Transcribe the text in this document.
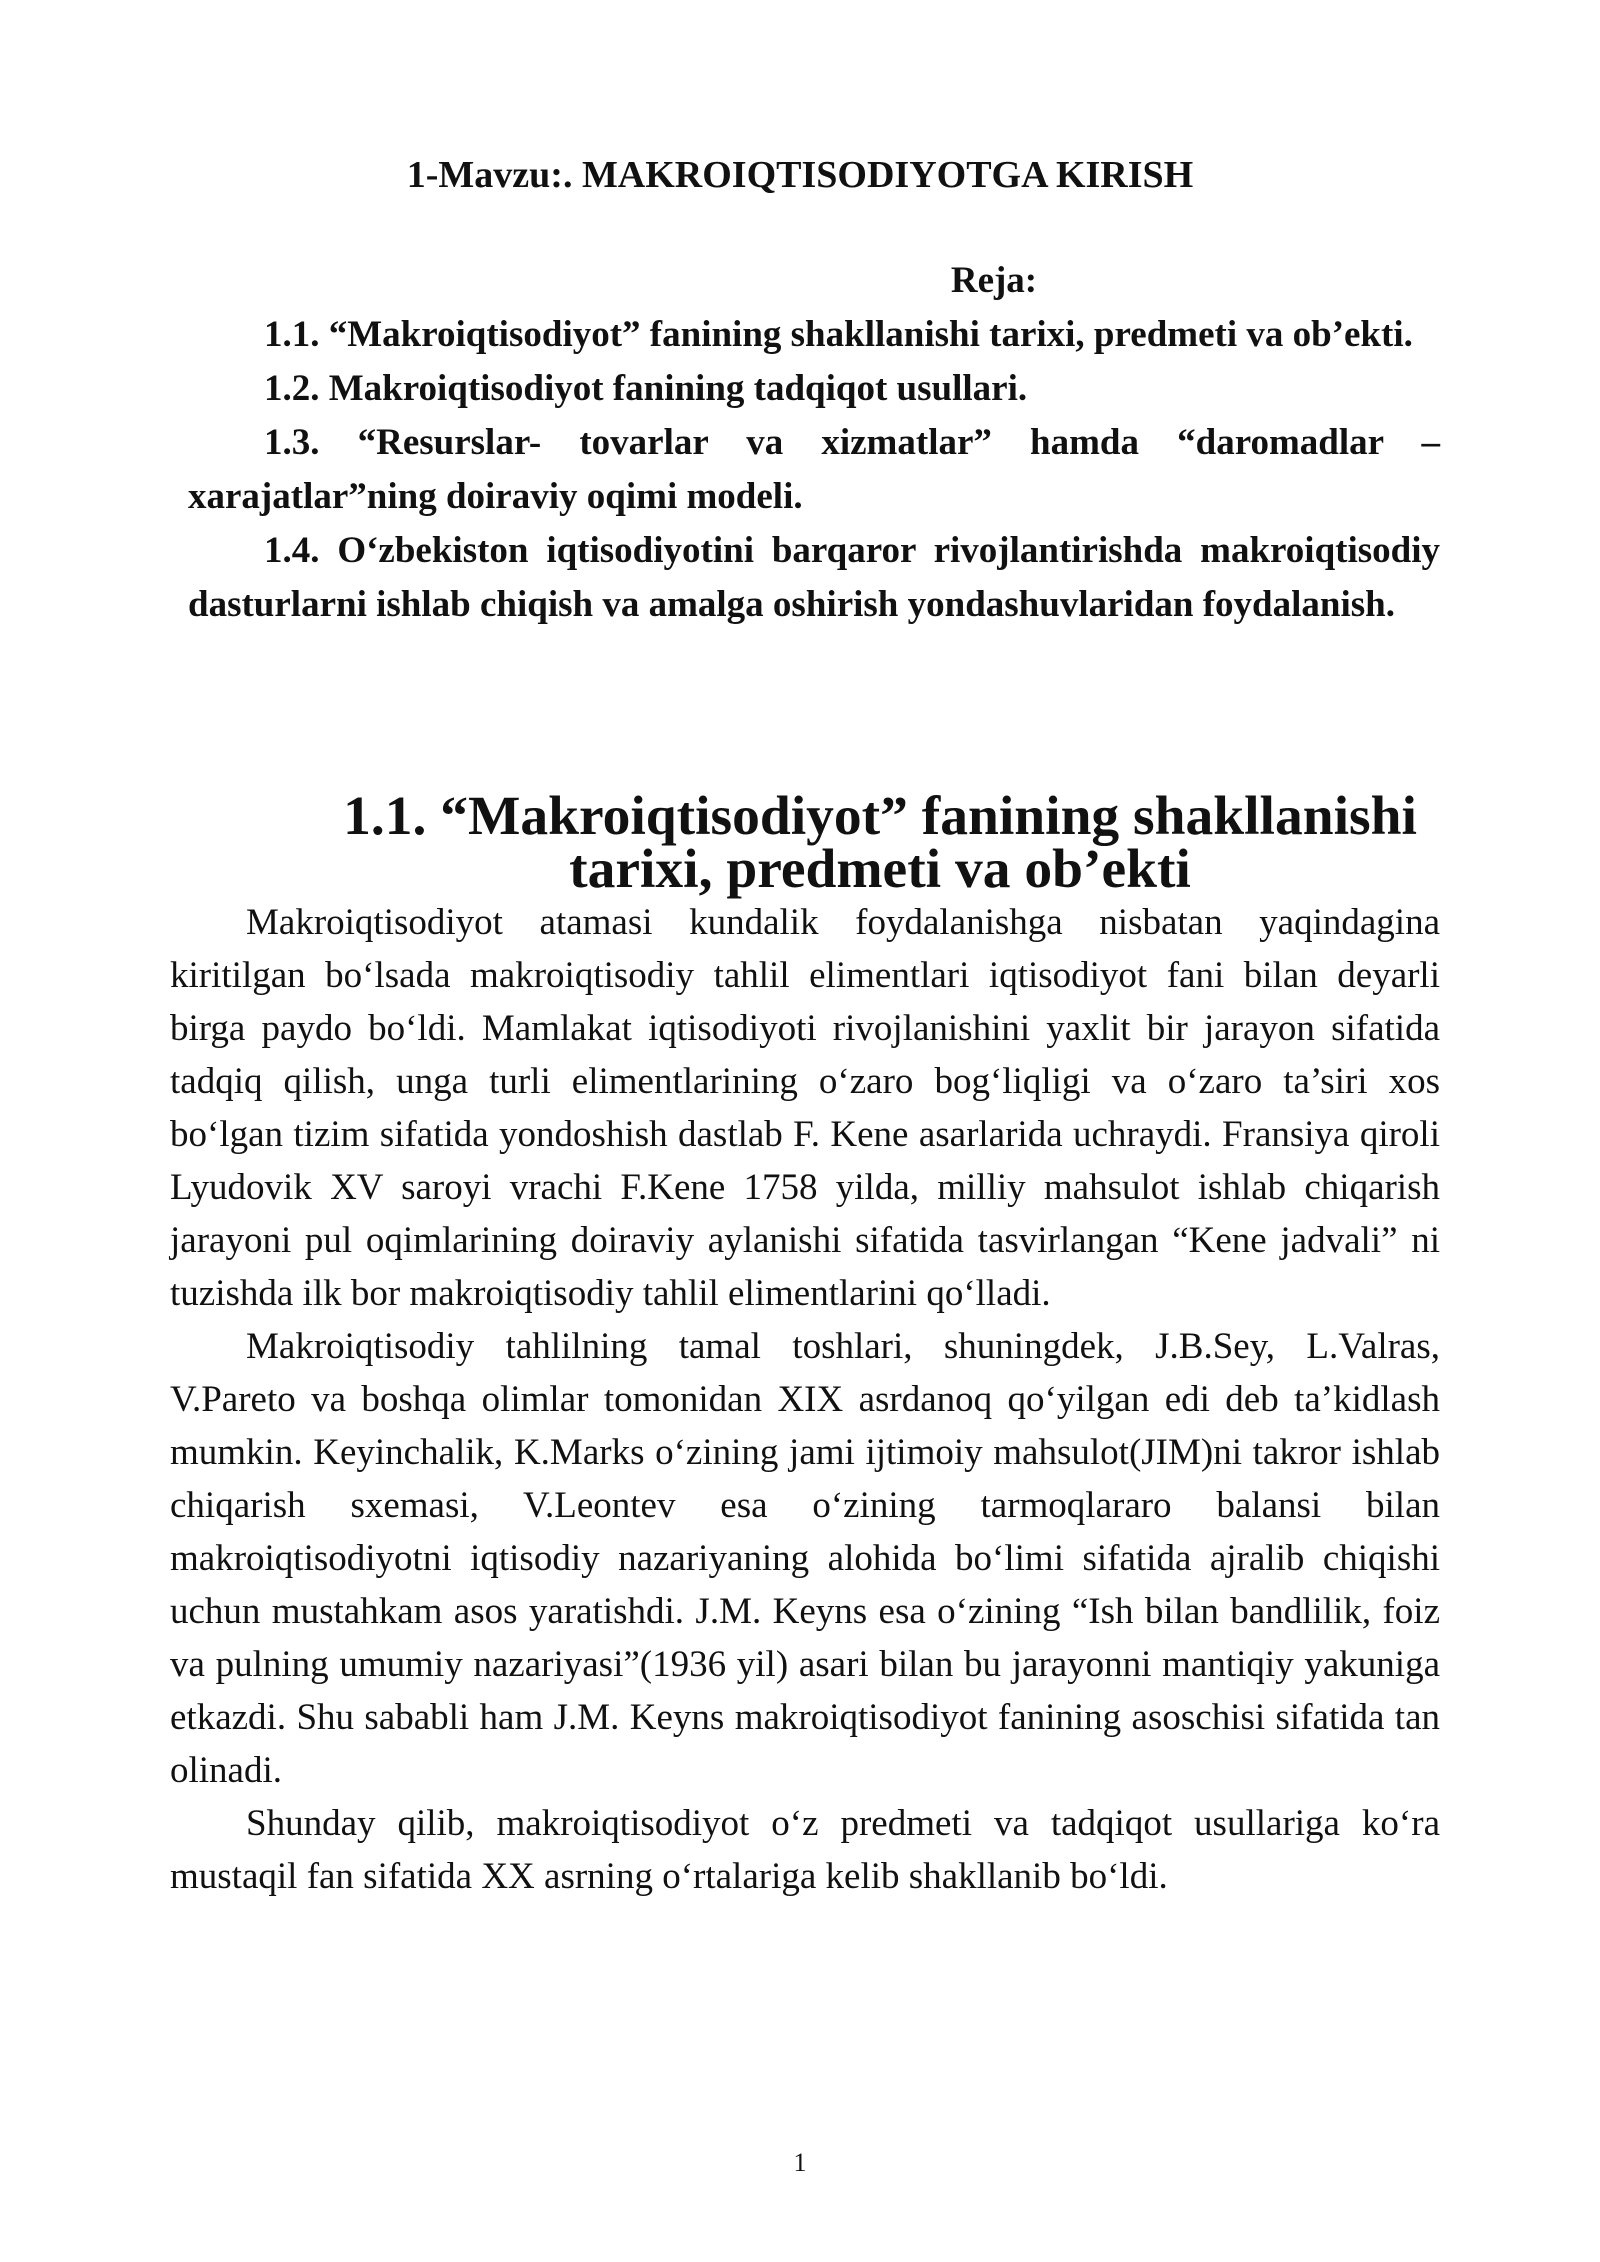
1-Mavzu:. MAKROIQTISODIYOTGA KIRISH

Reja:

1.1. “Makroiqtisodiyot” fanining shakllanishi tarixi, predmeti va ob’ekti.

1.2. Makroiqtisodiyot fanining tadqiqot usullari.

1.3. “Resurslar- tovarlar va xizmatlar” hamda “daromadlar – xarajatlar”ning doiraviy oqimi modeli.

1.4. O‘zbekiston iqtisodiyotini barqaror rivojlantirishda makroiqtisodiy dasturlarni ishlab chiqish va amalga oshirish yondashuvlaridan foydalanish.

1.1. “Makroiqtisodiyot” fanining shakllanishi tarixi, predmeti va ob’ekti

Makroiqtisodiyot atamasi kundalik foydalanishga nisbatan yaqindagina kiritilgan bo‘lsada makroiqtisodiy tahlil elimentlari iqtisodiyot fani bilan deyarli birga paydo bo‘ldi. Mamlakat iqtisodiyoti rivojlanishini yaxlit bir jarayon sifatida tadqiq qilish, unga turli elimentlarining o‘zaro bog‘liqligi va o‘zaro ta’siri xos bo‘lgan tizim sifatida yondoshish dastlab F. Kene asarlarida uchraydi. Fransiya qiroli Lyudovik XV saroyi vrachi F.Kene 1758 yilda, milliy mahsulot ishlab chiqarish jarayoni pul oqimlarining doiraviy aylanishi sifatida tasvirlangan “Kene jadvali” ni tuzishda ilk bor makroiqtisodiy tahlil elimentlarini qo‘lladi.

Makroiqtisodiy tahlilning tamal toshlari, shuningdek, J.B.Sey, L.Valras, V.Pareto va boshqa olimlar tomonidan XIX asrdanoq qo‘yilgan edi deb ta’kidlash mumkin. Keyinchalik, K.Marks o‘zining jami ijtimoiy mahsulot(JIM)ni takror ishlab chiqarish sxemasi, V.Leontev esa o‘zining tarmoqlararo balansi bilan makroiqtisodiyotni iqtisodiy nazariyaning alohida bo‘limi sifatida ajralib chiqishi uchun mustahkam asos yaratishdi. J.M. Keyns esa o‘zining “Ish bilan bandlilik, foiz va pulning umumiy nazariyasi”(1936 yil) asari bilan bu jarayonni mantiqiy yakuniga etkazdi. Shu sababli ham J.M. Keyns makroiqtisodiyot fanining asoschisi sifatida tan olinadi.

Shunday qilib, makroiqtisodiyot o‘z predmeti va tadqiqot usullariga ko‘ra mustaqil fan sifatida XX asrning o‘rtalariga kelib shakllanib bo‘ldi.

1
